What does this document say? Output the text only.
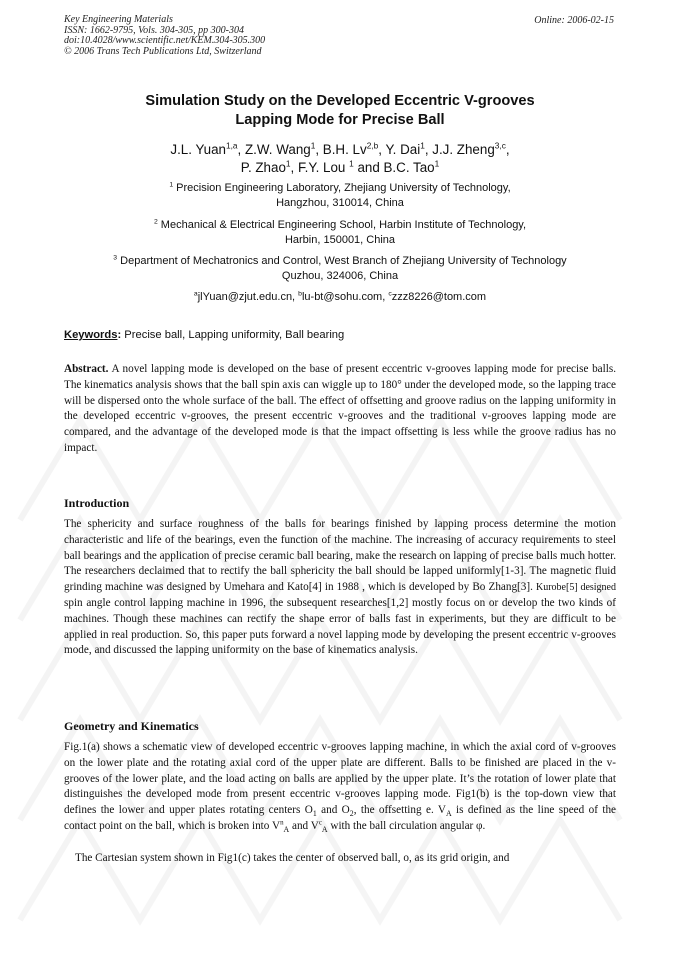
Key Engineering Materials
ISSN: 1662-9795, Vols. 304-305, pp 300-304
doi:10.4028/www.scientific.net/KEM.304-305.300
© 2006 Trans Tech Publications Ltd, Switzerland
Online: 2006-02-15
Simulation Study on the Developed Eccentric V-grooves
Lapping Mode for Precise Ball
J.L. Yuan$^{1,a}$, Z.W. Wang$^1$, B.H. Lv$^{2,b}$, Y. Dai$^1$, J.J. Zheng$^{3,c}$,
P. Zhao$^1$, F.Y. Lou $^1$ and B.C. Tao$^1$
$^1$ Precision Engineering Laboratory, Zhejiang University of Technology,
Hangzhou, 310014, China
$^2$ Mechanical & Electrical Engineering School, Harbin Institute of Technology,
Harbin, 150001, China
$^3$ Department of Mechatronics and Control, West Branch of Zhejiang University of Technology
Quzhou, 324006, China
$^a$jlYuan@zjut.edu.cn, $^b$lu-bt@sohu.com, $^c$zzz8226@tom.com
Keywords: Precise ball, Lapping uniformity, Ball bearing
Abstract. A novel lapping mode is developed on the base of present eccentric v-grooves lapping mode for precise balls. The kinematics analysis shows that the ball spin axis can wiggle up to 180° under the developed mode, so the lapping trace will be dispersed onto the whole surface of the ball. The effect of offsetting and groove radius on the lapping uniformity in the developed eccentric v-grooves, the present eccentric v-grooves and the traditional v-grooves lapping mode are compared, and the advantage of the developed mode is that the impact offsetting is less while the groove radius has no impact.
Introduction
The sphericity and surface roughness of the balls for bearings finished by lapping process determine the motion characteristic and life of the bearings, even the function of the machine. The increasing of accuracy requirements to steel ball bearings and the application of precise ceramic ball bearing, make the research on lapping of precise balls much hotter. The researchers declaimed that to rectify the ball sphericity the ball should be lapped uniformly[1-3]. The magnetic fluid grinding machine was designed by Umehara and Kato[4] in 1988 , which is developed by Bo Zhang[3]. Kurobe[5] designed spin angle control lapping machine in 1996, the subsequent researches[1,2] mostly focus on or develop the two kinds of machines. Though these machines can rectify the shape error of balls fast in experiments, but they are difficult to be applied in real production. So, this paper puts forward a novel lapping mode by developing the present eccentric v-grooves mode, and discussed the lapping uniformity on the base of kinematics analysis.
Geometry and Kinematics
Fig.1(a) shows a schematic view of developed eccentric v-grooves lapping machine, in which the axial cord of v-grooves on the lower plate and the rotating axial cord of the upper plate are different. Balls to be finished are placed in the v-grooves of the lower plate, and the load acting on balls are applied by the upper plate. It’s the rotation of lower plate that distinguishes the developed mode from present eccentric v-grooves lapping mode. Fig1(b) is the top-down view that defines the lower and upper plates rotating centers $O_1$ and $O_2$, the offsetting e. $V_A$ is defined as the line speed of the contact point on the ball, which is broken into $V^n_A$ and $V^c_A$ with the ball circulation angular φ.
The Cartesian system shown in Fig1(c) takes the center of observed ball, o, as its grid origin, and
